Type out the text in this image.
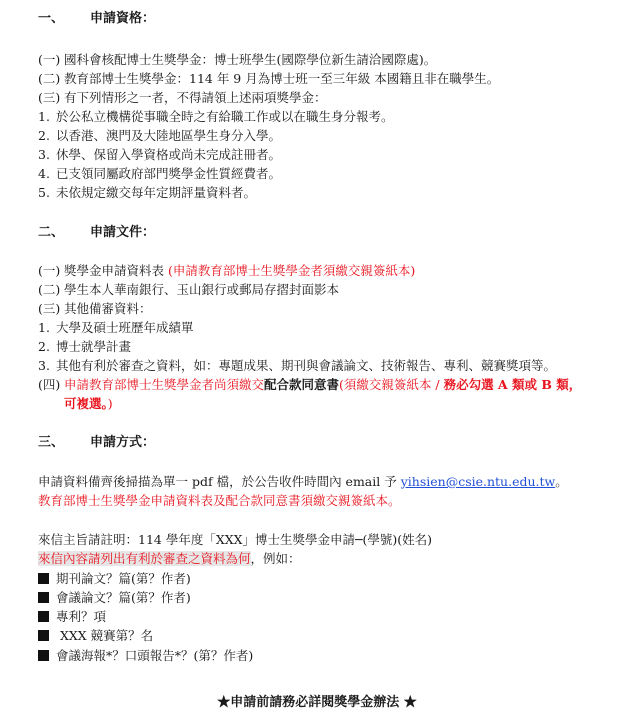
一、 申請資格：
(一) 國科會核配博士生獎學金：博士班學生(國際學位新生請洽國際處)。
(二) 教育部博士生獎學金：114 年 9 月為博士班一至三年級 本國籍且非在職學生。
(三) 有下列情形之一者，不得請領上述兩項獎學金：
1. 於公私立機構從事職全時之有給職工作或以在職生身分報考。
2. 以香港、澳門及大陸地區學生身分入學。
3. 休學、保留入學資格或尚未完成註冊者。
4. 已支領同屬政府部門獎學金性質經費者。
5. 未依規定繳交每年定期評量資料者。
二、 申請文件：
(一) 獎學金申請資料表 (申請教育部博士生獎學金者須繳交親簽紙本)
(二) 學生本人華南銀行、玉山銀行或郵局存摺封面影本
(三) 其他備審資料：
1. 大學及碩士班歷年成績單
2. 博士就學計畫
3. 其他有利於審查之資料，如：專題成果、期刊與會議論文、技術報告、專利、競賽獎項等。
(四) 申請教育部博士生獎學金者尚須繳交配合款同意書(須繳交親簽紙本 / 務必勾選 A 類或 B 類，
可複選。)
三、 申請方式：
申請資料備齊後掃描為單一 pdf 檔，於公告收件時間內 email 予 yihsien@csie.ntu.edu.tw。
教育部博士生獎學金申請資料表及配合款同意書須繳交親簽紙本。
來信主旨請註明：114 學年度「XXX」博士生獎學金申請─(學號)(姓名)
來信內容請列出有利於審查之資料為何，例如：
期刊論文？篇(第？作者)
會議論文？篇(第？作者)
專利？項
XXX 競賽第？名
會議海報*？口頭報告*？(第？作者)
★申請前請務必詳閱獎學金辦法 ★
